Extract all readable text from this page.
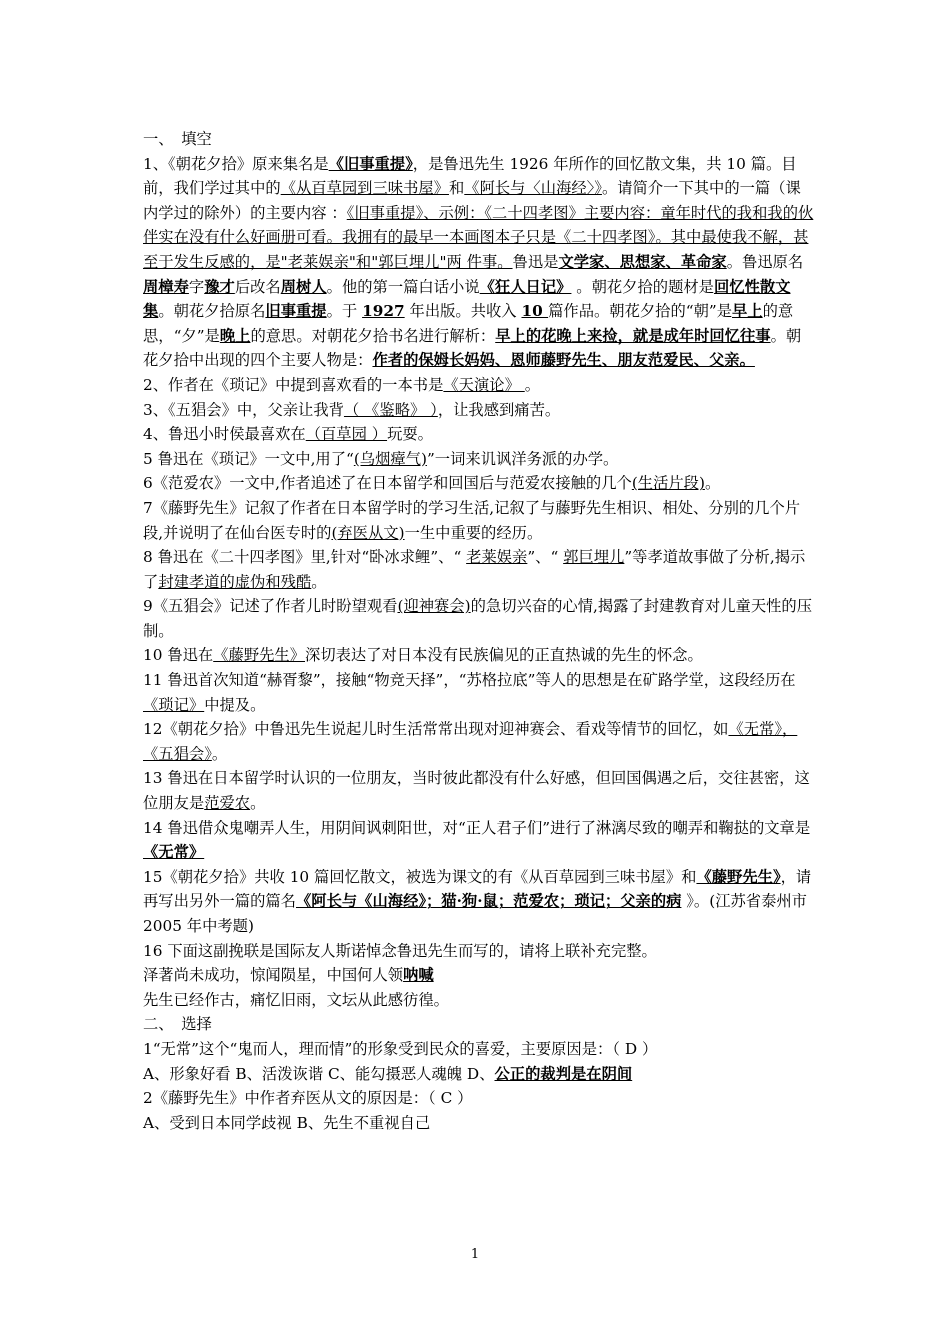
一、　填空

1、《朝花夕拾》原来集名是《旧事重提》，是鲁迅先生 1926 年所作的回忆散文集，共 10 篇。目前，我们学过其中的《从百草园到三味书屋》和《阿长与〈山海经〉》。请简介一下其中的一篇（课内学过的除外）的主要内容 ：《旧事重提》、示例：《二十四孝图》主要内容：童年时代的我和我的伙伴实在没有什么好画册可看。我拥有的最早一本画图本子只是《二十四孝图》。其中最使我不解，甚至于发生反感的，是"老莱娱亲"和"郭巨埋儿"两 件事。鲁迅是文学家、思想家、革命家。鲁迅原名周樟寿字豫才后改名周树人。他的第一篇白话小说《狂人日记》 。朝花夕拾的题材是回忆性散文集。朝花夕拾原名旧事重提。于 1927 年出版。共收入 10 篇作品。朝花夕拾的“朝”是早上的意思，“夕”是晚上的意思。对朝花夕拾书名进行解析：早上的花晚上来捡，就是成年时回忆往事。朝花夕拾中出现的四个主要人物是：作者的保姆长妈妈、恩师藤野先生、朋友范爱民、父亲。

2、作者在《琐记》中提到喜欢看的一本书是《天演论》 。

3、《五猖会》中，父亲让我背（ 《鉴略》 ），让我感到痛苦。

4、鲁迅小时侯最喜欢在（百草园 ）玩耍。

5 鲁迅在《琐记》一文中,用了“(乌烟瘴气)”一词来讥讽洋务派的办学。

6《范爱农》一文中,作者追述了在日本留学和回国后与范爱农接触的几个(生活片段)。

7《藤野先生》记叙了作者在日本留学时的学习生活,记叙了与藤野先生相识、相处、分别的几个片段,并说明了在仙台医专时的(弃医从文)一生中重要的经历。

8 鲁迅在《二十四孝图》里,针对“卧冰求鲤”、“ 老莱娱亲”、“ 郭巨埋儿”等孝道故事做了分析,揭示了封建孝道的虚伪和残酷。

9《五猖会》记述了作者儿时盼望观看(迎神赛会)的急切兴奋的心情,揭露了封建教育对儿童天性的压制。

10 鲁迅在《藤野先生》深切表达了对日本没有民族偏见的正直热诚的先生的怀念。

11 鲁迅首次知道“赫胥黎”，接触“物竞天择”，“苏格拉底”等人的思想是在矿路学堂，这段经历在《琐记》中提及。

12《朝花夕拾》中鲁迅先生说起儿时生活常常出现对迎神赛会、看戏等情节的回忆，如《无常》，《五猖会》。

13 鲁迅在日本留学时认识的一位朋友，当时彼此都没有什么好感，但回国偶遇之后，交往甚密，这位朋友是范爱农。

14 鲁迅借众鬼嘲弄人生，用阴间讽刺阳世，对“正人君子们”进行了淋漓尽致的嘲弄和鞠挞的文章是《无常》

15《朝花夕拾》共收 10 篇回忆散文，被选为课文的有《从百草园到三味书屋》和《藤野先生》，请再写出另外一篇的篇名《阿长与《山海经》；猫·狗·鼠；范爱农；琐记；父亲的病 》。(江苏省泰州市 2005 年中考题)

16 下面这副挽联是国际友人斯诺悼念鲁迅先生而写的，请将上联补充完整。

泽著尚未成功，惊闻陨星，中国何人领呐喊

先生已经作古，痛忆旧雨，文坛从此感彷徨。

二、　选择

1“无常”这个“鬼而人，理而情”的形象受到民众的喜爱，主要原因是：（ D ）

A、形象好看 B、活泼诙谐 C、能勾摄恶人魂魄 D、公正的裁判是在阴间

2《藤野先生》中作者弃医从文的原因是：（ C ）

A、受到日本同学歧视 B、先生不重视自己

1
